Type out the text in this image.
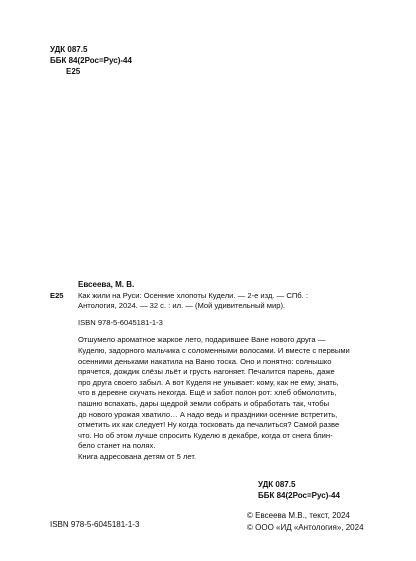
УДК 087.5
ББК 84(2Рос=Рус)-44
Е25
Евсеева, М. В.
Е25	Как жили на Руси: Осенние хлопоты Кудели. — 2-е изд. — СПб. :
Антология, 2024. — 32 с. : ил. — (Мой удивительный мир).
ISBN 978-5-6045181-1-3
Отшумело ароматное жаркое лето, подарившее Ване нового друга —
Куделю, задорного мальчика с соломенными волосами. И вместе с первыми
осенними деньками накатила на Ваню тоска. Оно и понятно: солнышко
прячется, дождик слёзы льёт и грусть нагоняет. Печалится парень, даже
про друга своего забыл. А вот Куделя не унывает: кому, как не ему, знать,
что в деревне скучать некогда. Ещё и забот полон рот: хлеб обмолотить,
пашню вспахать, дары щедрой земли собрать и обработать так, чтобы
до нового урожая хватило… А надо ведь и праздники осенние встретить,
отметить их как следует! Ну когда тосковать да печалиться? Самой разве
что. Но об этом лучше спросить Куделю в декабре, когда от снега блин-
бело станет на полях.
Книга адресована детям от 5 лет.
УДК 087.5
ББК 84(2Рос=Рус)-44
ISBN 978-5-6045181-1-3
© Евсеева М.В., текст, 2024
© ООО «ИД «Антология», 2024
